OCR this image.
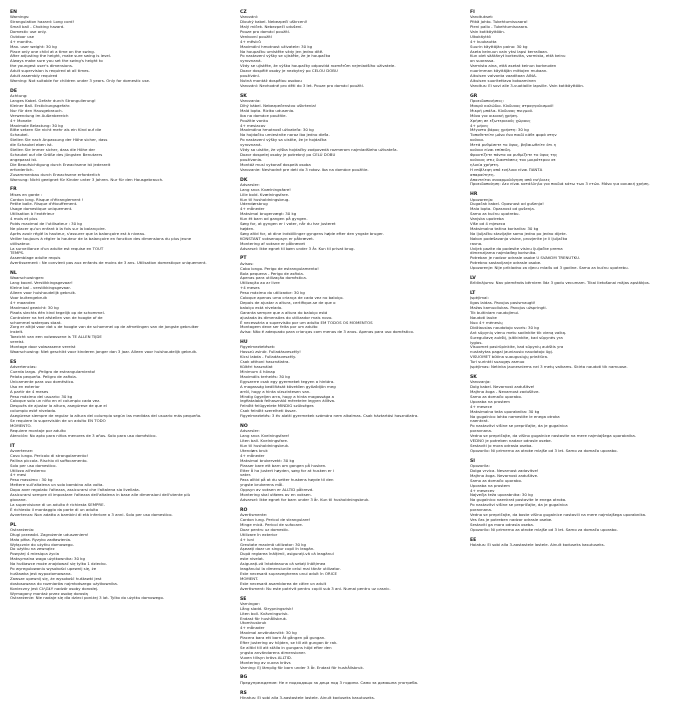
EN
Warnings:
Strangulation hazard: Long cord!
Small ball - Choking hazard.
Domestic use only.
Outdoor use
4+ months.
Max. user weight: 30 kg
Place only one child at a time on the swing.
After adjusting the height, make sure swing is level.
Always make sure you set the swing's height to
the youngest user's dimensions.
Adult supervision is required at all times.
Adult assembly required
Warning: Not suitable for children under 3 years. Only for domestic use.
DE
Achtung:
Langes Kabel. Gefahr durch Strangulierung!
Kleiner Ball. Erstickungsgefahr.
Nur für den Hausgebrauch.
Verwendung im Außenbereich
4+ Monate
Maximale Belastung: 30 kg
Bitte setzen Sie nicht mehr als ein Kind auf die
Schaukel.
Stellen Sie nach Anpassung der Höhe sicher, dass
die Schaukel eben ist.
Stellen Sie immer sicher, dass die Höhe der
Schaukel auf die Größe des jüngsten Benutzers
angepasst ist.
Die Beaufsichtigung durch Erwachsene ist jederzeit
erforderlich.
Zusammenbau durch Erwachsene erforderlich
Warnung: Nicht geeignet für Kinder unter 3 Jahren. Nur für den Hausgebrauch.
FR
Mises en garde :
Cordon long. Risque d'étranglement !
Petite balle. Risque d'étouffement.
Usage domestique uniquement.
Utilisation à l'extérieur
4 mois et plus
Poids maximal de l'utilisateur : 30 kg
Ne placer qu'un enfant à la fois sur la balançoire.
Après avoir réglé la hauteur, s'assurer que la balançoire est à niveau.
Veiller toujours à régler la hauteur de la balançoire en fonction des dimensions du plus jeune
utilisateur.
La surveillance d'un adulte est requise en TOUT
TEMPS.
Assemblage adulte requis
Avertissement : Ne convient pas aux enfants de moins de 3 ans. Utilisation domestique uniquement.
NL
Waarschuwingen:
Lang koord. Verstikkingsgevaar!
Kleine bal - verstikkingsgevaar.
Alleen voor huishoudelijk gebruik.
Voor buitengebruik
4+ maanden
Maximaal gewicht: 30 kg
Plaats slechts één kind tegelijk op de schommel.
Controleer na het afstellen van de hoogte of de
schommel waterpas staat.
Zorg er altijd voor dat u de hoogte van de schommel op de afmetingen van de jongste gebruiker
instelt.
Toezicht van een volwassene is TE ALLEN TIJDE
vereist.
Montage door volwassene vereist
Waarschuwing: Niet geschikt voor kinderen jonger dan 3 jaar. Alleen voor huishoudelijk gebruik.
ES
Advertencias:
Cuerda larga. ¡Peligro de estrangulamiento!
Pelota pequeña. Peligro de asfixia.
Únicamente para uso doméstico.
Uso en exterior
A partir de 4 meses
Peso máximo del usuario: 30 kg
Coloque solo un niño en el columpio cada vez.
Después de ajustar la altura, asegúrese de que el
columpio esté nivelado.
Asegúrese siempre de regular la altura del columpio según las medidas del usuario más pequeño.
Se requiere la supervisión de un adulto EN TODO
MOMENTO.
Requiere montaje por adulto
Atención: No apto para niños menores de 3 años. Solo para uso doméstico.
IT
Avvertenze:
Cavo lungo. Pericolo di strangolamento!
Pallina piccola. Rischio di soffocamento.
Solo per uso domestico.
Utilizzo all'esterno
4+ mesi
Peso massimo : 30 kg
Mettere sull'altalena un solo bambino alla volta.
Dopo aver regolato l'altezza, assicurarsi che l'altalena sia livellata.
Assicurarsi sempre di impostare l'altezza dell'altalena in base alle dimensioni dell'utente più
giovane.
La supervisione di un adulto è richiesta SEMPRE.
È richiesto il montaggio da parte di un adulto
Avvertenza: Non adatto a bambini di età inferiore a 3 anni. Solo per uso domestico.
PL
Ostrzeżenia:
Długi przewód. Zagrożenie uduszeniem!
Mała piłka. Ryzyko zadławienia.
Wyłącznie do użytku domowego.
Do użytku na zewnątrz
Powyżej 4 miesiąca życia
Maksymalna waga użytkownika: 30 kg
Na huśtawce może znajdować się tylko 1 dziecko.
Po wyregulowaniu wysokości upewnij się, że
huśtawka jest wypoziomowana.
Zawsze upewnij się, że wysokość huśtawki jest
dostosowana do rozmiarów najmłodszego użytkownika.
Konieczny jest CIĄGŁY nadzór osoby dorosłej.
Wymagany montaż przez osobę dorosłą
Ostrzeżenie: Nie nadaje się dla dzieci poniżej 3 lat. Tylko do użytku domowego.
CZ
Varování:
Dlouhý kabel. Nebezpečí uškrcení!
Malý míček. Nebezpečí udušení.
Pouze pro domácí použití.
Venkovní použití
4+ měsíců
Maximální hmotnost uživatele: 30 kg
Na houpačku umístěte vždy jen jedno dítě.
Po nastavení výšky se ujistěte, že je houpačka
vyrovnaná.
Vždy se ujistěte, že výška houpačky odpovídá rozměrům nejmladšího uživatele.
Dozor dospělé osoby je nezbytný po CELOU DOBU
používání.
Nutná montáž dospělou osobou
Varování: Nevhodné pro děti do 3 let. Pouze pro domácí použití.
SK
Varovania:
Dlhý kábel. Nebezpečenstvo uškrtenia!
Malá lopta. Riziko udusenia.
Iba na domáce použitie.
Použitie vonku
4+ mesiacov
Maximálna hmotnosť užívateľa: 30 kg
Na hojdačku umiestnite naraz iba jedno dieťa.
Po nastavení výšky sa uistite, že je hojdačka
vyrovnaná.
Vždy sa uistite, že výška hojdačky zodpovedá rozmerom najmladšieho užívateľa.
Dozor dospelej osoby je potrebný po CELÚ DOBU
používania.
Montáž musí vykonať dospelá osoba
Varovanie: Nevhodné pre deti do 3 rokov. Iba na domáce použitie.
DK
Advarsler:
Lang snor. Kvælningsfare!
Lille bold. Kvælningsfare.
Kun til husholdningsbrug.
Udendørsbrug
4+ måneder
Maksimal brugervægt: 30 kg
Kun ét barn ad gangen på gyngen.
Sørg for, at gyngen er i vater, når du har justeret
højden.
Sørg altid for, at dine indstillinger gyngens højde efter den yngste bruger.
KONSTANT voksenopsyn er påkrævet.
Montering af voksne er påkrævet
Advarsel: Ikke egnet til børn under 3 år. Kun til privat brug.
PT
Avisos:
Cabo longo. Perigo de estrangulamento!
Bola pequena - Perigo de asfixia.
Apenas para utilização doméstica.
Utilização ao ar livre
+4 meses
Peso máximo do utilizador: 30 kg
Coloque apenas uma criança de cada vez no baloiço.
Depois de ajustar a altura, certifique-se de que o
baloiço está nivelado.
Garanta sempre que a altura do baloiço está
ajustada às dimensões do utilizador mais novo.
É necessária a supervisão por um adulto EM TODOS OS MOMENTOS
Montagem deve ser feita por um adulto
Aviso: Não é adequado para crianças com menos de 3 anos. Apenas para uso doméstico.
HU
Figyelmeztetések:
Hosszú zsinór. Fulladásveszély!
Kicsi labda - Fulladásveszély.
Csak otthoni használatra.
Kültéri használat
Minimum 4 hónap
Maximális terhelés: 30 kg
Egyszerre csak egy gyermeket tegyen a hintára.
A magasság beállítását követően győződjön meg
arról, hogy a hinta vízszintesen van.
Mindig ügyeljen arra, hogy a hinta magassága a
legfiatalabb felhasználó méreteire legyen állítva.
Felnőtt felügyelete MINDIG szükséges
Csak felnőtt szerelheti össze.
Figyelmeztetés: 3 év alatti gyermekek számára nem alkalmas. Csak háztartási használatra.
NO
Advarsler:
Lang snor. Kvelningsfare!
Liten ball. Kvelningsfare.
Kun til husholdningsbruk.
Utendørs bruk
4+ måneder
Maksimal brukervekt: 30 kg
Plasser bare ett barn om gangen på husken.
Etter å ha justert høyden, sørg for at husken er i
vater.
Pass alltid på at du setter huskens høyde til den
yngste brukerens mål.
Oppsyn av voksen er ALLTID påkrevd.
Montering skal utføres av en voksen.
Advarsel: Ikke egnet for barn under 3 år. Kun til husholdningsbruk.
RO
Avertismente:
Cordon lung. Pericol de strangulare!
Minge mică. Pericol de sufocare.
Doar pentru uz domestic.
Utilizare în exterior
4+ luni
Greutate maximă utilizator: 30 kg
Așezați doar un singur copil în leagăn.
După reglarea înălțimii, asigurați-vă că leagănul
este nivelat.
Asigurați-vă întotdeauna că setați înălțimea
leagănului la dimensiunile celui mai tânăr utilizator.
Este necesară supravegherea unui adult în ORICE
MOMENT.
Este necesară asamblarea de către un adult
Avertisment: Nu este potrivit pentru copiii sub 3 ani. Numai pentru uz casnic.
SE
Varningar:
Lång sladd. Strypningsrisk!
Liten boll. Kvävningsrisk.
Endast för hushållsbruk.
Utomhusbruk
4+ månader
Maximal användarvikt: 30 kg
Placera bara ett barn åt gången på gungan.
Efter justering av höjden, se till att gungan är rak.
Se alltid till att ställa in gungans höjd efter den
yngsta användarens dimensioner.
Vuxen tillsyn krävs ALLTID.
Montering av vuxna krävs
Varning: Ej lämplig för barn under 3 år. Endast för hushållsbruk.
BG
Предупреждение: Не е подходящо за деца под 3 години. Само за домашна употреба.
RS
Hinatus: Ei sobi alla 3-aastastele lastele. Ainult koduseks kasutuseks.
FI
Varoitukset:
Pitkä johto. Tukehtumisvaara!
Pieni pallo - Tukehtumisvaara.
Vain kotikäyttöön.
Ulkokäyttö
4+ kuukautta
Suurin käyttäjän paino: 30 kg
Aseta keinuun vain yksi lapsi kerrallaan.
Kun olet säätänyt korkeutta, varmista, että keinu
on suorassa.
Varmista aina, että asetat keinun korkeuden
nuorimman käyttäjän mittojen mukaan.
Aikuisen valvonta vaaditaan AINA.
Aikuisen suoritettava kokoaminen
Varoitus: Ei sovi alle 3-vuotiaille lapsille. Vain kotikäyttöön.
GR
Προειδοποιήσεις:
Μακρύ καλώδιο. Κίνδυνος στραγγαλισμού!
Μικρή μπάλα- Κίνδυνος πνιγμού.
Μόνο για οικιακή χρήση.
Χρήση σε εξωτερικούς χώρους
4+ μήνες
Μέγιστο βάρος χρήστη: 30 kg
Τοποθετείτε μόνο ένα παιδί κάθε φορά στην
κούνια.
Μετά ρυθμίσετε το ύψος, βεβαιωθείτε ότι η
κούνια είναι επίπεδη.
Φροντίζετε πάντα να ρυθμίζετε το ύψος της
κούνιας στις διαστάσεις του μικρότερου σε
ηλικία χρήστη.
Η επίβλεψη από ενήλικα είναι ΠΑΝΤΑ
απαραίτητη.
Απαιτείται συναρμολόγηση από ενήλικες
Προειδοποίηση: Δεν είναι κατάλληλο για παιδιά κάτω των 3 ετών. Μόνο για οικιακή χρήση.
HR
Upozorenja:
Dugačak kabel. Opasnost od gušenja!
Mala lopta. Opasnost od gušenja.
Samo za kućnu upotrebu.
Vanjska upotreba
Više od 4 mjeseca
Maksimalna težina korisnika: 30 kg
Na ljuljačku stavljajte samo jedno po jedno dijete.
Nakon podešavanja visine, provjerite je li ljuljačka
ravna.
Uvijek pazite da podesite visinu ljuljačke prema
dimenzijama najmlađeg korisnika.
Potreban je nadzor odrasle osobe U SVAKOM TRENUTKU.
Potrebno sastavljanje odrasle osobe.
Upozorenje: Nije prikladno za djecu mlađu od 3 godine. Samo za kućnu upotrebu.
LV
Brīdinājums: Nav piemērots bērniem līdz 3 gadu vecumam. Tikai lietošanai mājas apstākļos.
LT
Įspėjimai:
Ilgas laidas. Pavojus pasismaugti!
Mažas kamuoliukas. Pavojus užspringti.
Tik buitiniam naudojimui.
Naudoti lauke
Nuo 4+ mėnesių
Didžiausias naudotojo svoris: 30 kg
Ant sūpynių vienu metu sodinkite tik vieną vaiką.
Sureguliavę aukštį, įsitikinkite, kad sūpynės yra
lygios.
Visuomet pasirūpinkite, kad sūpynių aukštis yra
nustatytas pagal jauniausio naudotojo ūgį.
VISUOMET būtina suaugusiųjų priežiūra.
Turi surinkti suaugęs asmuo
Įspėjimas: Netinka jaunesniems nei 3 metų vaikams. Skirta naudoti tik namuose.
SK
Varovanja:
Dolg kabel. Nevarnost zadušitve!
Majhna žoga - Nevarnost zadušitve.
Samo za domačo uporabo.
Uporaba na prostem
4+ mesece
Maksimalna teža uporabnika: 30 kg
Na gugalnico lahko namestite le enega otroka
naenkrat.
Po nastavitvi višine se prepričajte, da je gugalnica
poravnana.
Vedno se prepričajte, da višino gugalnice nastavite na mere najmlajšega uporabnika.
VEDNO je potreben nadzor odrasle osebe.
Sestaviti jo mora odrasla oseba.
Opozorilo: Ni primerno za otroke mlajše od 3 let. Samo za domačo uporabo.
SI
Opozorila:
Dolga vrvica. Nevarnost zadavitve!
Majhna žoga. Nevarnost zadušitve.
Samo za domačo uporabo.
Uporaba na prostem
4+ mesecev
Največja teža uporabnika: 30 kg
Na gugalnico naenkrat postavite le enega otroka.
Po nastavitvi višine se prepričajte, da je gugalnica
poravnana.
Vedno se prepričajte, da boste višino gugalnice nastavili na mere najmlajšega uporabnika.
Ves čas je potreben nadzor odrasle osebe.
Sestaviti ga mora odrasla oseba.
Opozorilo: Ni primerno za otroke mlajše od 3 let. Samo za domačo uporabo.
EE
Hoiatus: Ei sobi alla 3-aastastele lastele. Ainult koduseks kasutuseks.
